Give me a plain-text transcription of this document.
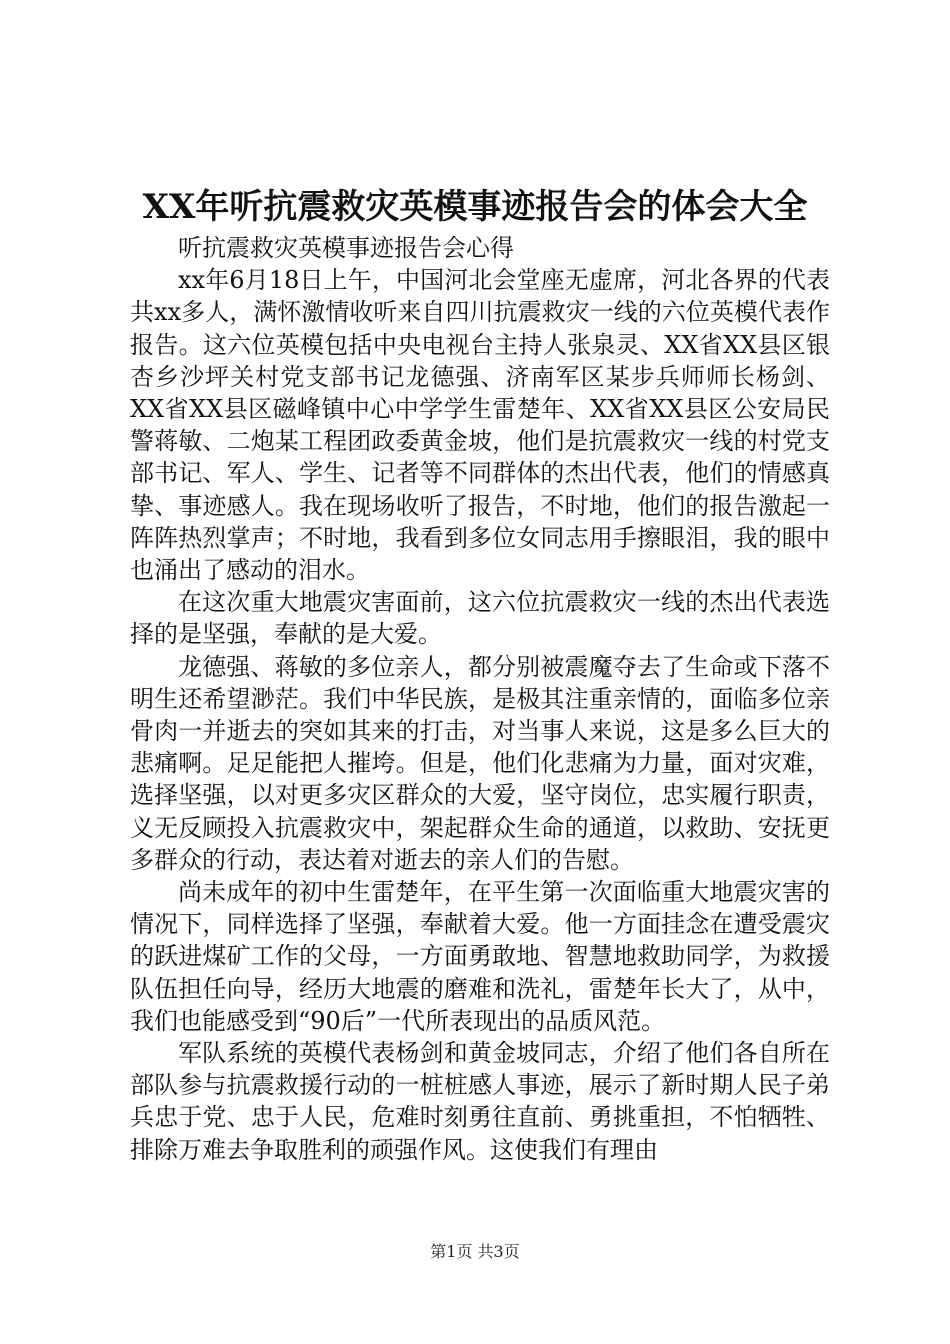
XX年听抗震救灾英模事迹报告会的体会大全

听抗震救灾英模事迹报告会心得

xx年6月18日上午，中国河北会堂座无虚席，河北各界的代表共xx多人，满怀激情收听来自四川抗震救灾一线的六位英模代表作报告。这六位英模包括中央电视台主持人张泉灵、XX省XX县区银杏乡沙坪关村党支部书记龙德强、济南军区某步兵师师长杨剑、XX省XX县区磁峰镇中心中学学生雷楚年、XX省XX县区公安局民警蒋敏、二炮某工程团政委黄金坡，他们是抗震救灾一线的村党支部书记、军人、学生、记者等不同群体的杰出代表，他们的情感真挚、事迹感人。我在现场收听了报告，不时地，他们的报告激起一阵阵热烈掌声；不时地，我看到多位女同志用手擦眼泪，我的眼中也涌出了感动的泪水。

在这次重大地震灾害面前，这六位抗震救灾一线的杰出代表选择的是坚强，奉献的是大爱。

龙德强、蒋敏的多位亲人，都分别被震魔夺去了生命或下落不明生还希望渺茫。我们中华民族，是极其注重亲情的，面临多位亲骨肉一并逝去的突如其来的打击，对当事人来说，这是多么巨大的悲痛啊。足足能把人摧垮。但是，他们化悲痛为力量，面对灾难，选择坚强，以对更多灾区群众的大爱，坚守岗位，忠实履行职责，义无反顾投入抗震救灾中，架起群众生命的通道，以救助、安抚更多群众的行动，表达着对逝去的亲人们的告慰。

尚未成年的初中生雷楚年，在平生第一次面临重大地震灾害的情况下，同样选择了坚强，奉献着大爱。他一方面挂念在遭受震灾的跃进煤矿工作的父母，一方面勇敢地、智慧地救助同学，为救援队伍担任向导，经历大地震的磨难和洗礼，雷楚年长大了，从中，我们也能感受到“90后”一代所表现出的品质风范。

军队系统的英模代表杨剑和黄金坡同志，介绍了他们各自所在部队参与抗震救援行动的一桩桩感人事迹，展示了新时期人民子弟兵忠于党、忠于人民，危难时刻勇往直前、勇挑重担，不怕牺牲、排除万难去争取胜利的顽强作风。这使我们有理由

第1页 共3页
